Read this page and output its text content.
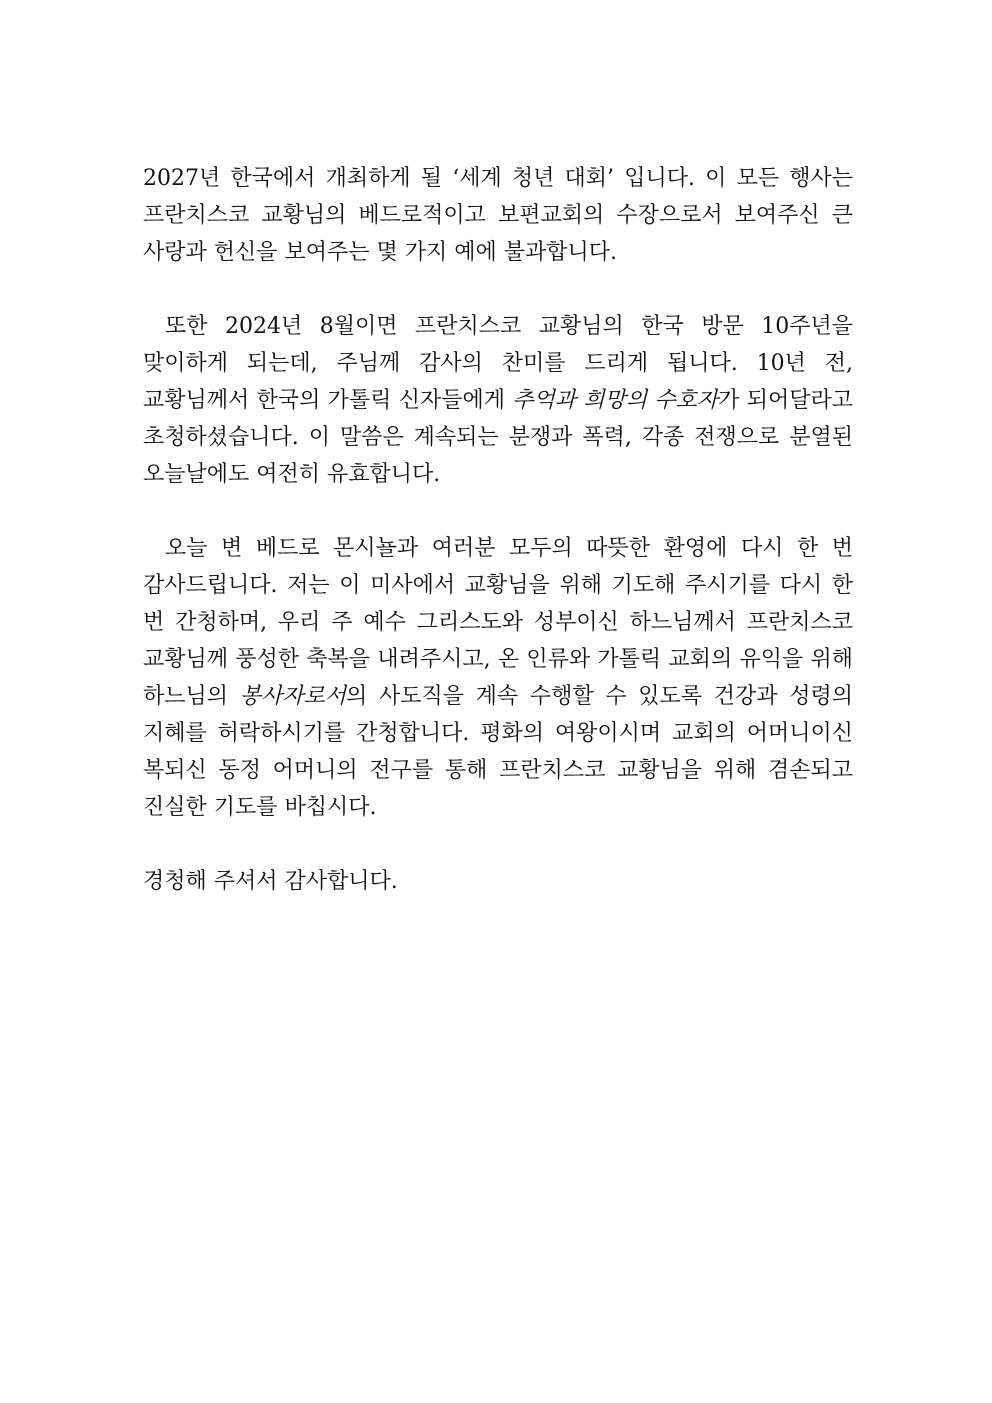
2027년 한국에서 개최하게 될 ‘세계 청년 대회’ 입니다. 이 모든 행사는 프란치스코 교황님의 베드로적이고 보편교회의 수장으로서 보여주신 큰 사랑과 헌신을 보여주는 몇 가지 예에 불과합니다.

또한 2024년 8월이면 프란치스코 교황님의 한국 방문 10주년을 맞이하게 되는데, 주님께 감사의 찬미를 드리게 됩니다. 10년 전, 교황님께서 한국의 가톨릭 신자들에게 추억과 희망의 수호자가 되어달라고 초청하셨습니다. 이 말씀은 계속되는 분쟁과 폭력, 각종 전쟁으로 분열된 오늘날에도 여전히 유효합니다.

오늘 변 베드로 몬시뇰과 여러분 모두의 따뜻한 환영에 다시 한 번 감사드립니다. 저는 이 미사에서 교황님을 위해 기도해 주시기를 다시 한 번 간청하며, 우리 주 예수 그리스도와 성부이신 하느님께서 프란치스코 교황님께 풍성한 축복을 내려주시고, 온 인류와 가톨릭 교회의 유익을 위해 하느님의 봉사자로서의 사도직을 계속 수행할 수 있도록 건강과 성령의 지혜를 허락하시기를 간청합니다. 평화의 여왕이시며 교회의 어머니이신 복되신 동정 어머니의 전구를 통해 프란치스코 교황님을 위해 겸손되고 진실한 기도를 바칩시다.

경청해 주셔서 감사합니다.
